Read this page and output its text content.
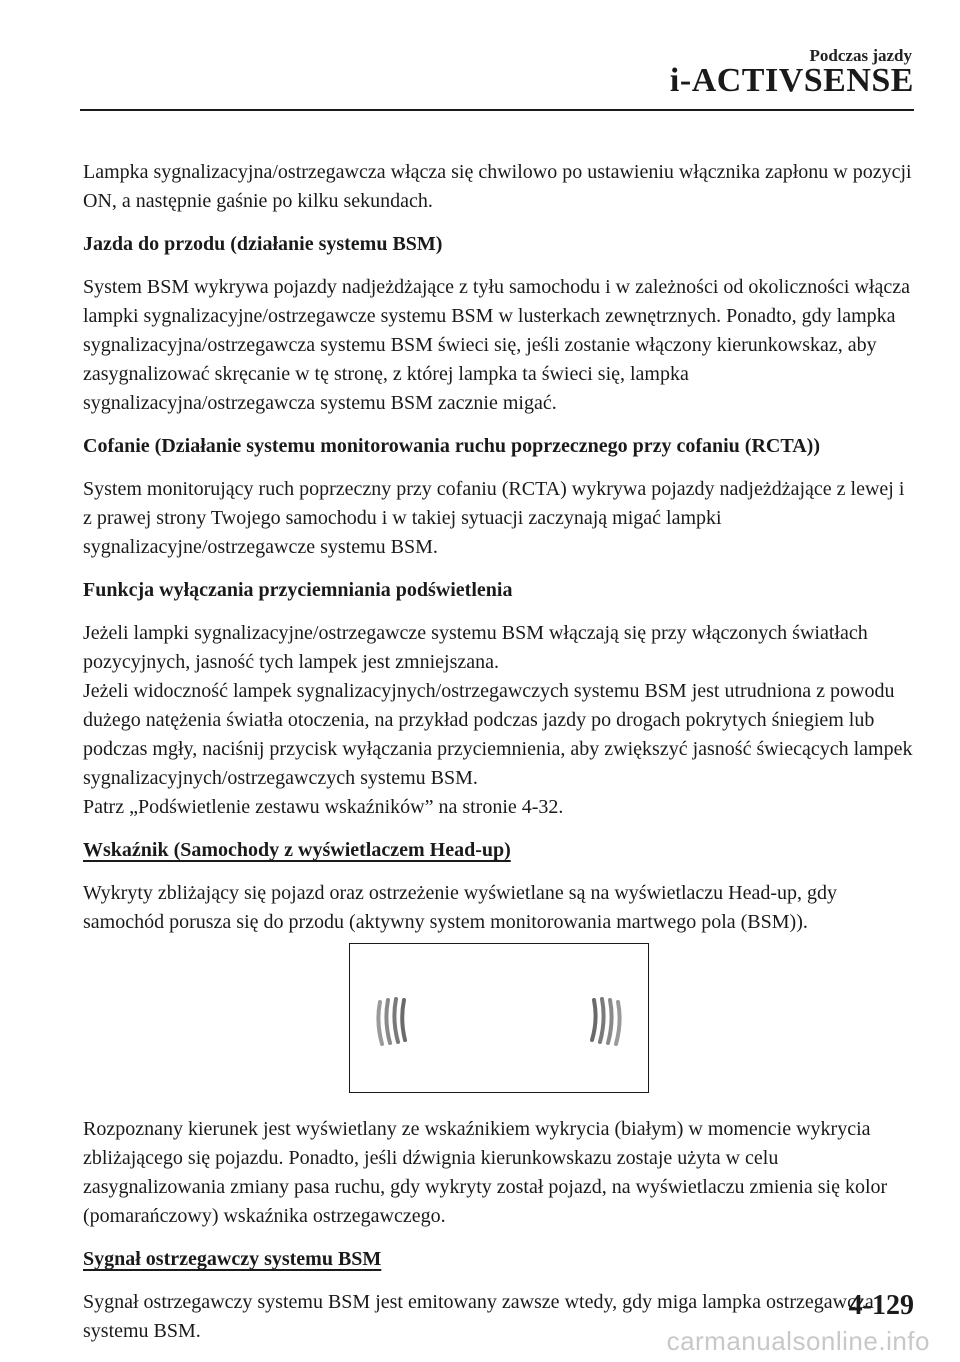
Podczas jazdy
i-ACTIVSENSE

Lampka sygnalizacyjna/ostrzegawcza włącza się chwilowo po ustawieniu włącznika zapłonu w pozycji ON, a następnie gaśnie po kilku sekundach.

Jazda do przodu (działanie systemu BSM)

System BSM wykrywa pojazdy nadjeżdżające z tyłu samochodu i w zależności od okoliczności włącza lampki sygnalizacyjne/ostrzegawcze systemu BSM w lusterkach zewnętrznych. Ponadto, gdy lampka sygnalizacyjna/ostrzegawcza systemu BSM świeci się, jeśli zostanie włączony kierunkowskaz, aby zasygnalizować skręcanie w tę stronę, z której lampka ta świeci się, lampka sygnalizacyjna/ostrzegawcza systemu BSM zacznie migać.

Cofanie (Działanie systemu monitorowania ruchu poprzecznego przy cofaniu (RCTA))

System monitorujący ruch poprzeczny przy cofaniu (RCTA) wykrywa pojazdy nadjeżdżające z lewej i z prawej strony Twojego samochodu i w takiej sytuacji zaczynają migać lampki sygnalizacyjne/ostrzegawcze systemu BSM.

Funkcja wyłączania przyciemniania podświetlenia

Jeżeli lampki sygnalizacyjne/ostrzegawcze systemu BSM włączają się przy włączonych światłach pozycyjnych, jasność tych lampek jest zmniejszana.

Jeżeli widoczność lampek sygnalizacyjnych/ostrzegawczych systemu BSM jest utrudniona z powodu dużego natężenia światła otoczenia, na przykład podczas jazdy po drogach pokrytych śniegiem lub podczas mgły, naciśnij przycisk wyłączania przyciemnienia, aby zwiększyć jasność świecących lampek sygnalizacyjnych/ostrzegawczych systemu BSM.

Patrz „Podświetlenie zestawu wskaźników” na stronie 4-32.

Wskaźnik (Samochody z wyświetlaczem Head-up)

Wykryty zbliżający się pojazd oraz ostrzeżenie wyświetlane są na wyświetlaczu Head-up, gdy samochód porusza się do przodu (aktywny system monitorowania martwego pola (BSM)).

Rozpoznany kierunek jest wyświetlany ze wskaźnikiem wykrycia (białym) w momencie wykrycia zbliżającego się pojazdu. Ponadto, jeśli dźwignia kierunkowskazu zostaje użyta w celu zasygnalizowania zmiany pasa ruchu, gdy wykryty został pojazd, na wyświetlaczu zmienia się kolor (pomarańczowy) wskaźnika ostrzegawczego.

Sygnał ostrzegawczy systemu BSM

Sygnał ostrzegawczy systemu BSM jest emitowany zawsze wtedy, gdy miga lampka ostrzegawcza systemu BSM.

4-129
carmanualsonline.info
